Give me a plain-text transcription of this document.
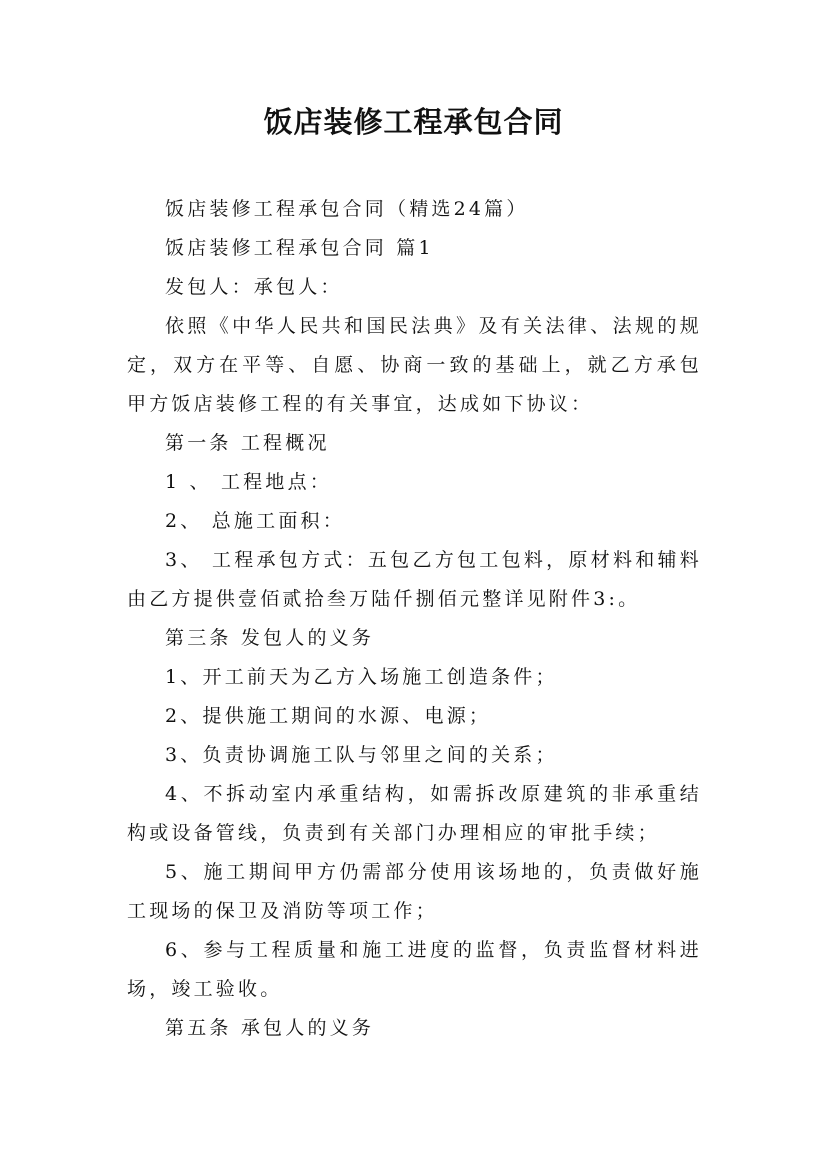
饭店装修工程承包合同

饭店装修工程承包合同（精选24篇）

饭店装修工程承包合同 篇1

发包人：承包人：

依照《中华人民共和国民法典》及有关法律、法规的规定，双方在平等、自愿、协商一致的基础上，就乙方承包甲方饭店装修工程的有关事宜，达成如下协议：

第一条 工程概况

1 、 工程地点：

2、 总施工面积：

3、 工程承包方式：五包乙方包工包料，原材料和辅料由乙方提供壹佰贰拾叁万陆仟捌佰元整详见附件3:。

第三条 发包人的义务

1、开工前天为乙方入场施工创造条件；

2、提供施工期间的水源、电源；

3、负责协调施工队与邻里之间的关系；

4、不拆动室内承重结构，如需拆改原建筑的非承重结构或设备管线，负责到有关部门办理相应的审批手续；

5、施工期间甲方仍需部分使用该场地的，负责做好施工现场的保卫及消防等项工作；

6、参与工程质量和施工进度的监督，负责监督材料进场，竣工验收。

第五条 承包人的义务
